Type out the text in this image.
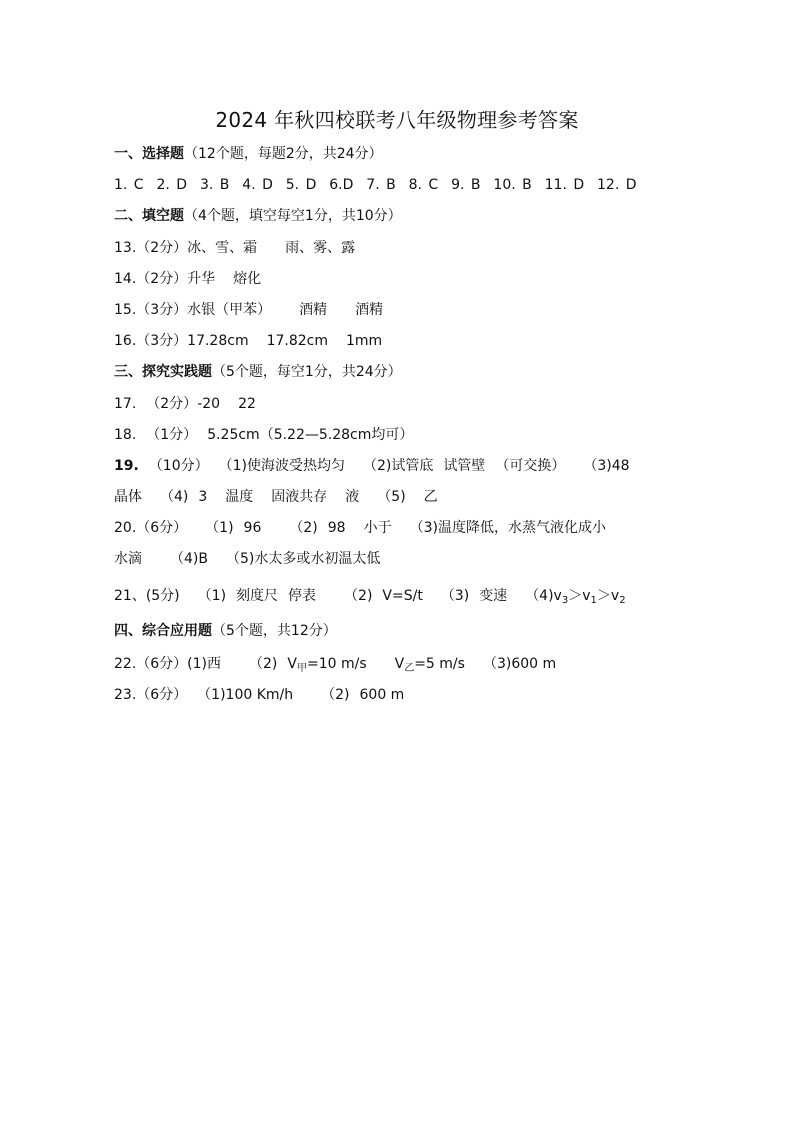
2024 年秋四校联考八年级物理参考答案
一、选择题（12个题，每题2分，共24分）
1. C  2. D  3. B  4. D  5. D  6.D  7. B  8. C  9. B  10. B  11. D  12. D
二、填空题（4个题，填空每空1分，共10分）
13.（2分）冰、雪、霜 雨、雾、露
14.（2分）升华 熔化
15.（3分）水银（甲苯） 酒精 酒精
16.（3分）17.28cm 17.82cm 1mm
三、探究实践题（5个题，每空1分，共24分）
17. （2分）-20 22
18. （1分） 5.25cm（5.22—5.28cm均可）
19. （10分） （1)使海波受热均匀 （2)试管底 试管壁 （可交换） （3)48
晶体 （4) 3 温度 固液共存 液 （5) 乙
20.（6分） （1) 96 （2) 98 小于 （3)温度降低，水蒸气液化成小
水滴 （4)B （5)水太多或水初温太低
21、(5分) （1) 刻度尺 停表 （2) V=S/t （3) 变速 $(4)v_3>v_1>v_2$
四、综合应用题（5个题，共12分）
22.（6分）(1)西 （2) $V_甲=10$ m/s $V_乙=5$ m/s （3)600 m
23.（6分） （1)100 Km/h （2) 600 m
